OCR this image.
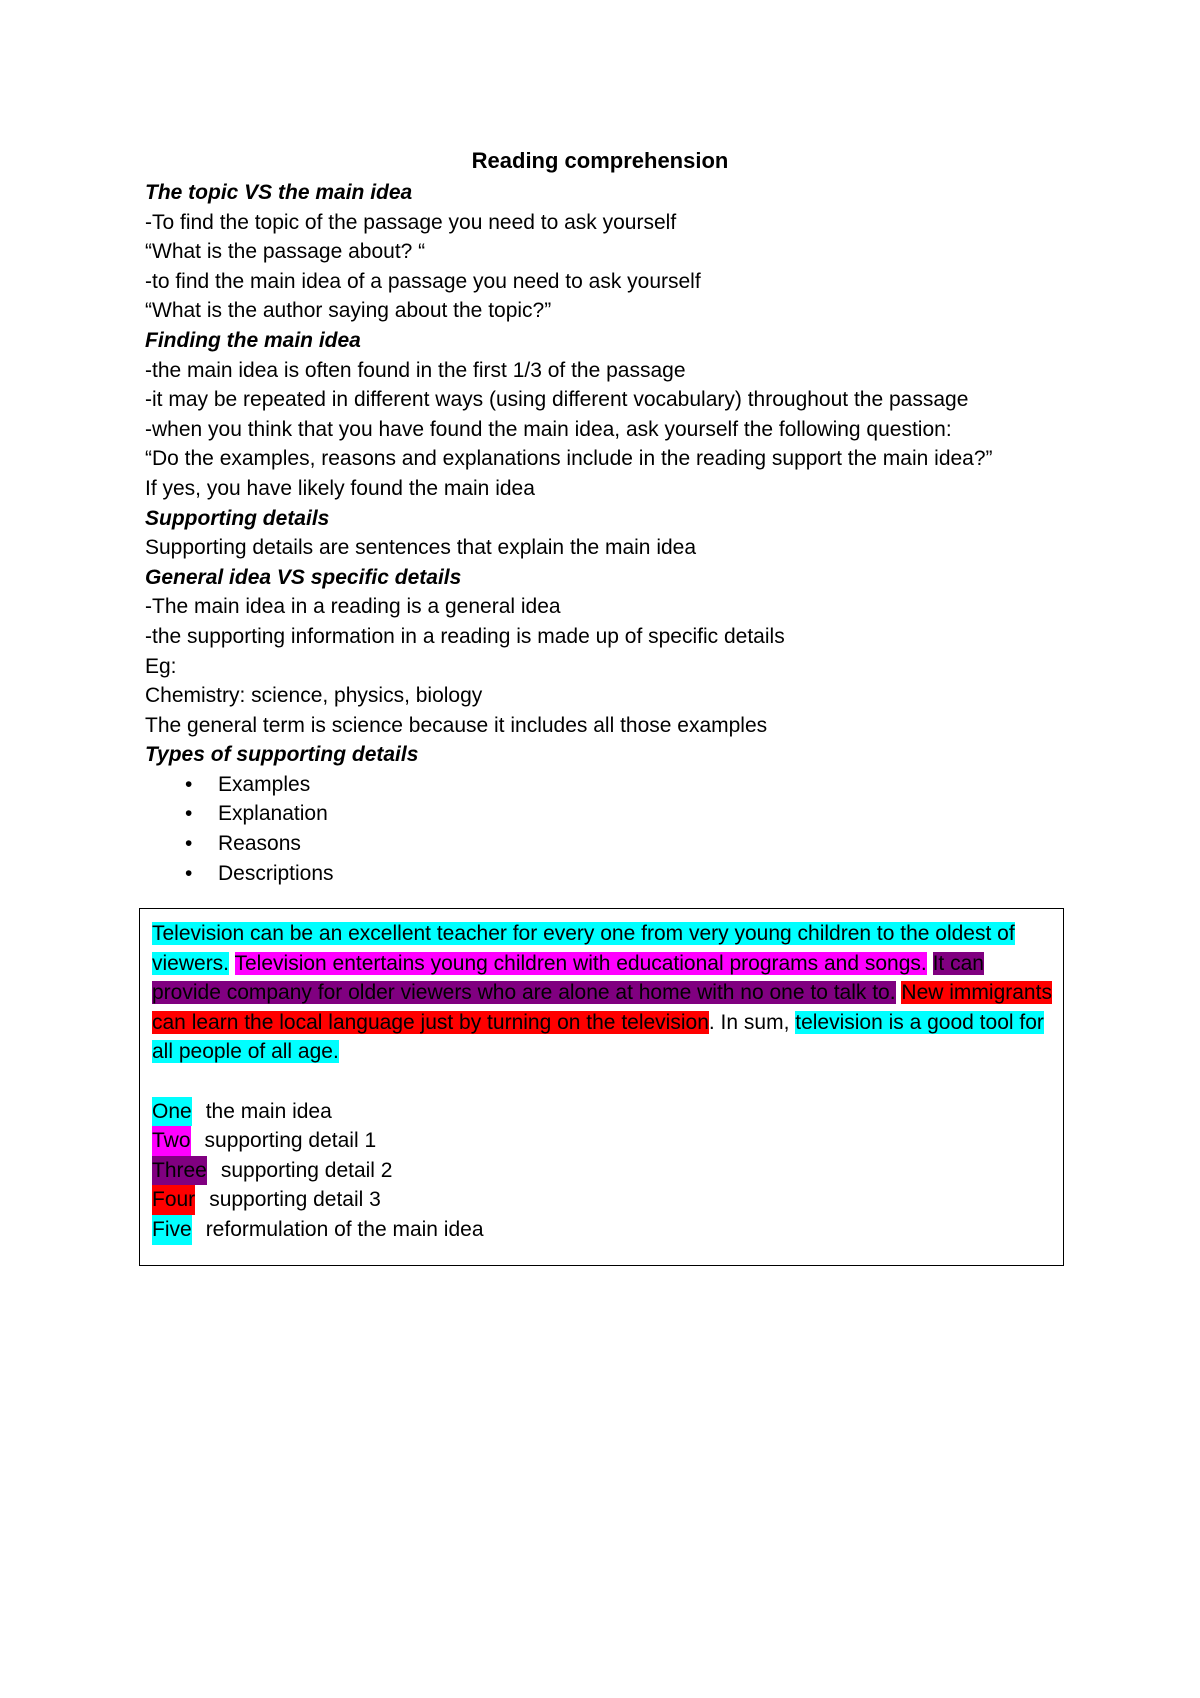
Reading comprehension

The topic VS the main idea

-To find the topic of the passage you need to ask yourself

“What is the passage about? “

-to find the main idea of a passage you need to ask yourself

“What is the author saying about the topic?”

Finding the main idea

-the main idea is often found in the first 1/3 of the passage

-it may be repeated in different ways (using different vocabulary) throughout the passage

-when you think that you have found the main idea, ask yourself the following question:

“Do the examples, reasons and explanations include in the reading support the main idea?”

If yes, you have likely found the main idea

Supporting details

Supporting details are sentences that explain the main idea

General idea VS specific details

-The main idea in a reading is a general idea

-the supporting information in a reading is made up of specific details

Eg:

Chemistry: science, physics, biology

The general term is science because it includes all those examples

Types of supporting details

• Examples
• Explanation
• Reasons
• Descriptions

Television can be an excellent teacher for every one from very young children to the oldest of viewers. Television entertains young children with educational programs and songs. It can provide company for older viewers who are alone at home with no one to talk to. New immigrants can learn the local language just by turning on the television. In sum, television is a good tool for all people of all age.

One the main idea

Two supporting detail 1

Three supporting detail 2

Four supporting detail 3

Five reformulation of the main idea
